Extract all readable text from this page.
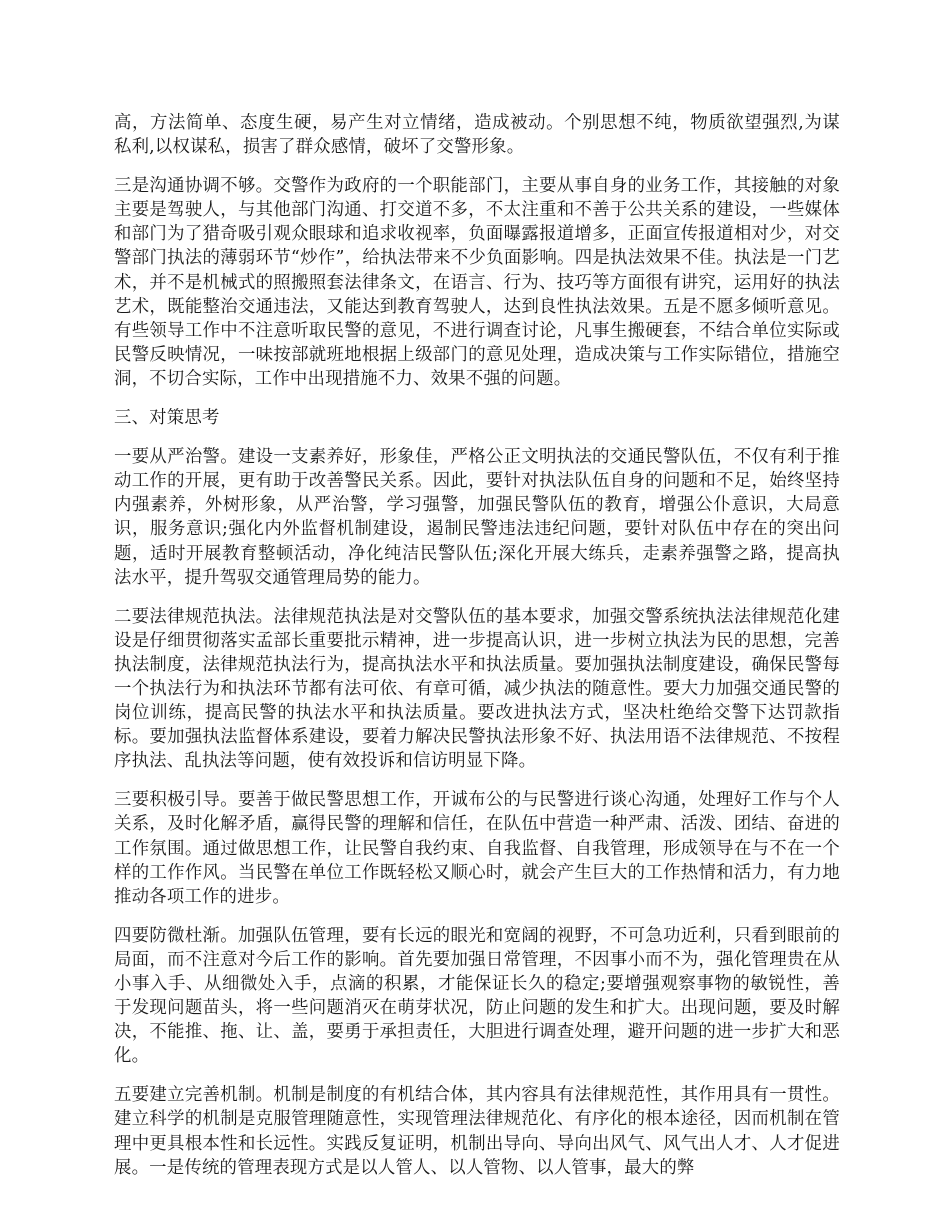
高，方法简单、态度生硬，易产生对立情绪，造成被动。个别思想不纯，物质欲望强烈,为谋私利,以权谋私，损害了群众感情，破坏了交警形象。

三是沟通协调不够。交警作为政府的一个职能部门，主要从事自身的业务工作，其接触的对象主要是驾驶人，与其他部门沟通、打交道不多，不太注重和不善于公共关系的建设，一些媒体和部门为了猎奇吸引观众眼球和追求收视率，负面曝露报道增多，正面宣传报道相对少，对交警部门执法的薄弱环节“炒作”，给执法带来不少负面影响。四是执法效果不佳。执法是一门艺术，并不是机械式的照搬照套法律条文，在语言、行为、技巧等方面很有讲究，运用好的执法艺术，既能整治交通违法，又能达到教育驾驶人，达到良性执法效果。五是不愿多倾听意见。有些领导工作中不注意听取民警的意见，不进行调查讨论，凡事生搬硬套，不结合单位实际或民警反映情况，一味按部就班地根据上级部门的意见处理，造成决策与工作实际错位，措施空洞，不切合实际，工作中出现措施不力、效果不强的问题。

三、对策思考

一要从严治警。建设一支素养好，形象佳，严格公正文明执法的交通民警队伍，不仅有利于推动工作的开展，更有助于改善警民关系。因此，要针对执法队伍自身的问题和不足，始终坚持内强素养，外树形象，从严治警，学习强警，加强民警队伍的教育，增强公仆意识，大局意识，服务意识;强化内外监督机制建设，遏制民警违法违纪问题，要针对队伍中存在的突出问题，适时开展教育整顿活动，净化纯洁民警队伍;深化开展大练兵，走素养强警之路，提高执法水平，提升驾驭交通管理局势的能力。

二要法律规范执法。法律规范执法是对交警队伍的基本要求，加强交警系统执法法律规范化建设是仔细贯彻落实孟部长重要批示精神，进一步提高认识，进一步树立执法为民的思想，完善执法制度，法律规范执法行为，提高执法水平和执法质量。要加强执法制度建设，确保民警每一个执法行为和执法环节都有法可依、有章可循，减少执法的随意性。要大力加强交通民警的岗位训练，提高民警的执法水平和执法质量。要改进执法方式，坚决杜绝给交警下达罚款指标。要加强执法监督体系建设，要着力解决民警执法形象不好、执法用语不法律规范、不按程序执法、乱执法等问题，使有效投诉和信访明显下降。

三要积极引导。要善于做民警思想工作，开诚布公的与民警进行谈心沟通，处理好工作与个人关系，及时化解矛盾，赢得民警的理解和信任，在队伍中营造一种严肃、活泼、团结、奋进的工作氛围。通过做思想工作，让民警自我约束、自我监督、自我管理，形成领导在与不在一个样的工作作风。当民警在单位工作既轻松又顺心时，就会产生巨大的工作热情和活力，有力地推动各项工作的进步。

四要防微杜渐。加强队伍管理，要有长远的眼光和宽阔的视野，不可急功近利，只看到眼前的局面，而不注意对今后工作的影响。首先要加强日常管理，不因事小而不为，强化管理贵在从小事入手、从细微处入手，点滴的积累，才能保证长久的稳定;要增强观察事物的敏锐性，善于发现问题苗头，将一些问题消灭在萌芽状况，防止问题的发生和扩大。出现问题，要及时解决，不能推、拖、让、盖，要勇于承担责任，大胆进行调查处理，避开问题的进一步扩大和恶化。

五要建立完善机制。机制是制度的有机结合体，其内容具有法律规范性，其作用具有一贯性。建立科学的机制是克服管理随意性，实现管理法律规范化、有序化的根本途径，因而机制在管理中更具根本性和长远性。实践反复证明，机制出导向、导向出风气、风气出人才、人才促进展。一是传统的管理表现方式是以人管人、以人管物、以人管事，最大的弊
